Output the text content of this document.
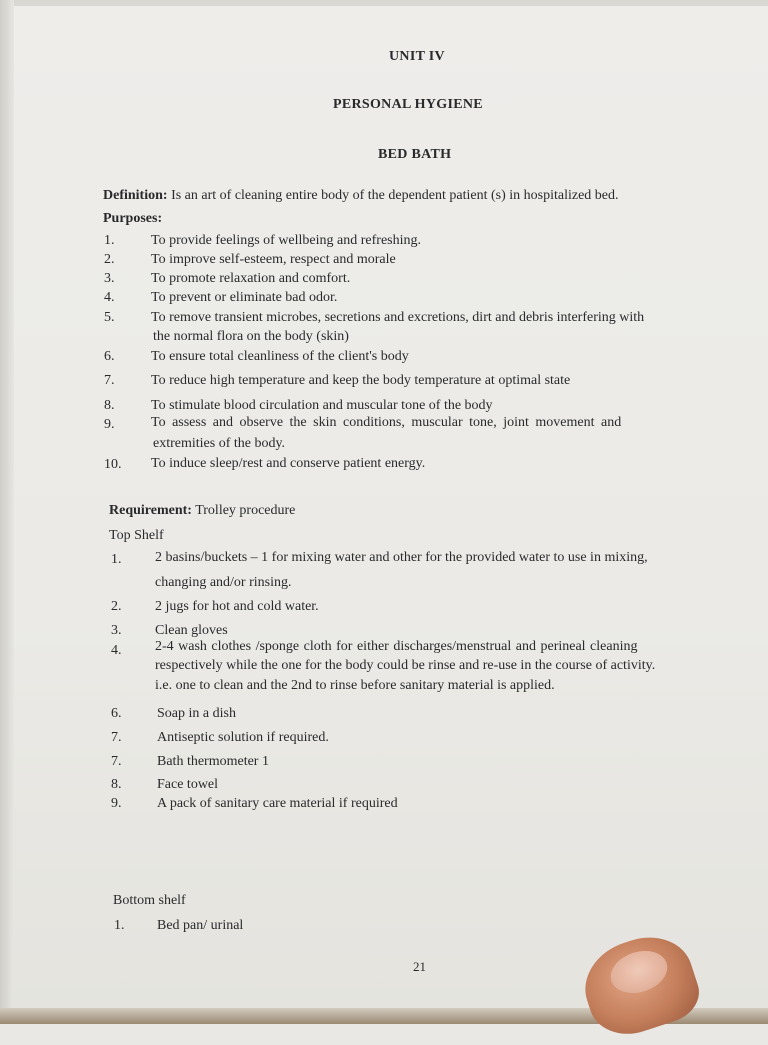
UNIT IV
PERSONAL HYGIENE
BED BATH
Definition: Is an art of cleaning entire body of the dependent patient (s) in hospitalized bed.
Purposes:
1.	To provide feelings of wellbeing and refreshing.
2.	To improve self-esteem, respect and morale
3.	To promote relaxation and comfort.
4.	To prevent or eliminate bad odor.
5.	To remove transient microbes, secretions and excretions, dirt and debris interfering with
the normal flora on the body (skin)
6.	To ensure total cleanliness of the client's body
7.	To reduce high temperature and keep the body temperature at optimal state
8.	To stimulate blood circulation and muscular tone of the body
9.	To assess and observe the skin conditions, muscular tone, joint movement and
extremities of the body.
10. To induce sleep/rest and conserve patient energy.
Requirement: Trolley procedure
Top Shelf
1. 2 basins/buckets – 1 for mixing water and other for the provided water to use in mixing,
changing and/or rinsing.
2. 2 jugs for hot and cold water.
3. Clean gloves
4. 2-4 wash clothes /sponge cloth for either discharges/menstrual and perineal cleaning
respectively while the one for the body could be rinse and re-use in the course of activity.
i.e. one to clean and the 2nd to rinse before sanitary material is applied.
6.	Soap in a dish
7.	Antiseptic solution if required.
7.	Bath thermometer 1
8.	Face towel
9.	A pack of sanitary care material if required
Bottom shelf
1. Bed pan/ urinal
21
